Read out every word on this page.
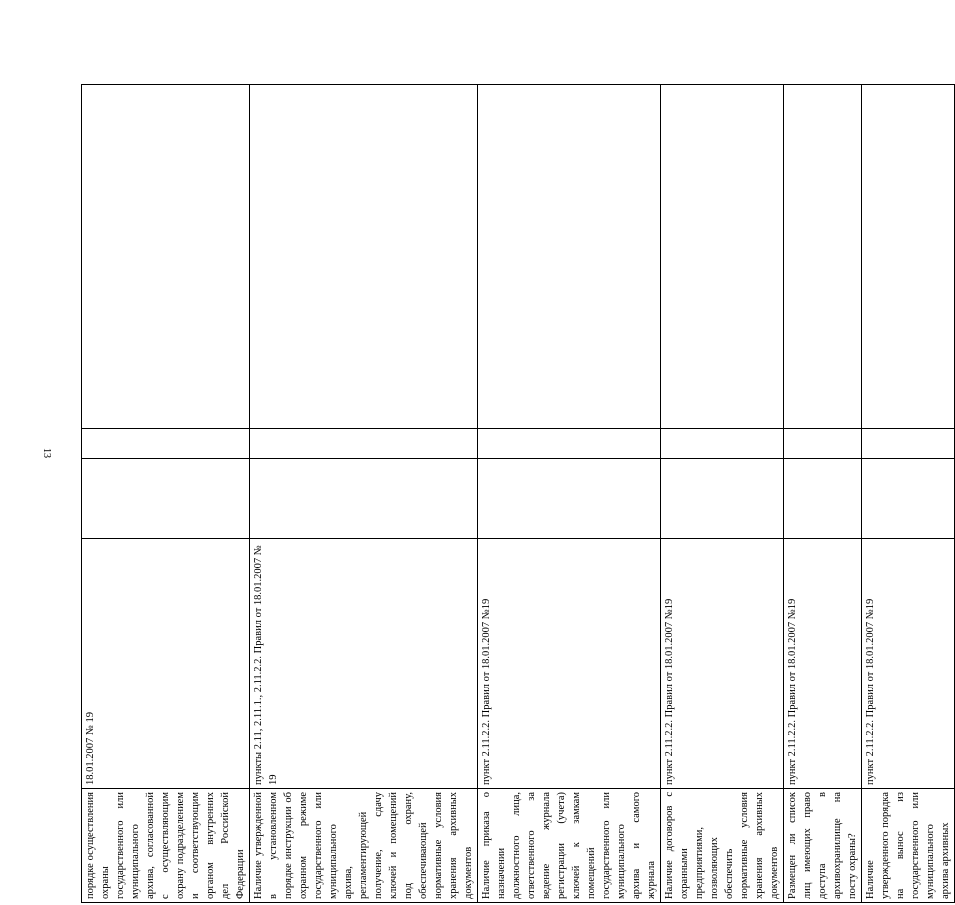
13
порядке осуществления охраны государственного или муниципального архива, согласованной с осуществляющим охрану подразделением и соответствующим органом внутренних дел Российской Федерации	18.01.2007 № 19			

Наличие утвержденной в установленном порядке инструкции об охранном режиме государственного или муниципального архива, регламентирующей получение, сдачу ключей и помещений под охрану, обеспечивающей нормативные условия хранения архивных документов	пункты 2.11, 2.11.1., 2.11.2.2. Правил от 18.01.2007 № 19			

Наличие приказа о назначении должностного лица, ответственного за ведение журнала регистрации (учета) ключей к замкам помещений государственного или муниципального архива и самого журнала	пункт 2.11.2.2. Правил от 18.01.2007 №19			

Наличие договоров с охранными предприятиями, позволяющих обеспечить нормативные условия хранения архивных документов	пункт 2.11.2.2. Правил от 18.01.2007 №19			

Размещен ли список лиц имеющих право доступа в архивохранилище на посту охраны?	пункт 2.11.2.2. Правил от 18.01.2007 №19			

Наличие утвержденного порядка на вынос из государственного или муниципального архива архивных	пункт 2.11.2.2. Правил от 18.01.2007 №19			
